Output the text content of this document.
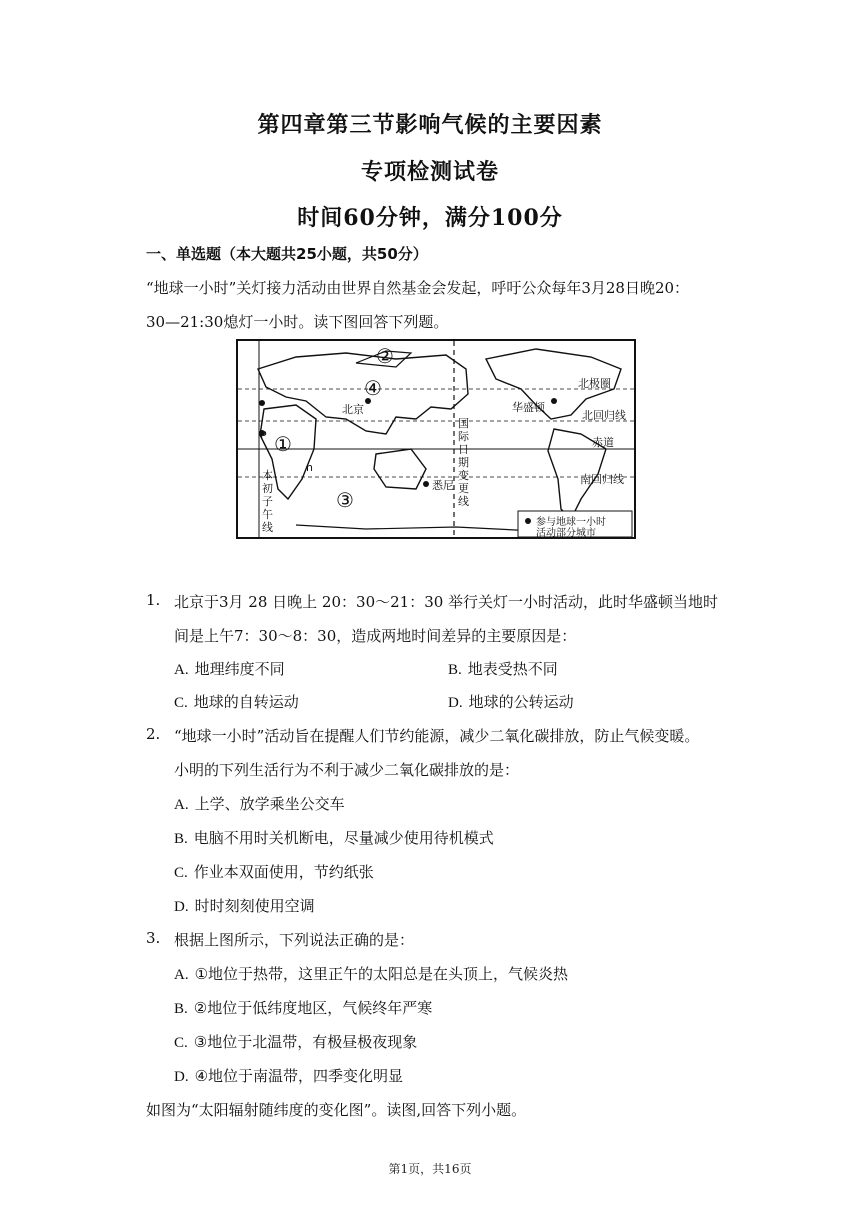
第四章第三节影响气候的主要因素
专项检测试卷
时间60分钟，满分100分
一、单选题（本大题共25小题，共50分）
“地球一小时”关灯接力活动由世界自然基金会发起，呼吁公众每年3月28日晚20：
30—21:30熄灯一小时。读下图回答下列题。
①
②
③
④
北京	华盛顿
北极圈
北回归线
赤道
南回归线
悉尼
P
n
国
际
日
期
变
更
线
本
初
子
午
线	参与地球一小时
活动部分城市
1. 北京于3月 28 日晚上 20：30～21：30 举行关灯一小时活动，此时华盛顿当地时
间是上午7：30～8：30，造成两地时间差异的主要原因是：
A. 地理纬度不同	B. 地表受热不同
C. 地球的自转运动	D. 地球的公转运动
2. “地球一小时”活动旨在提醒人们节约能源，减少二氧化碳排放，防止气候变暖。
小明的下列生活行为不利于减少二氧化碳排放的是：
A. 上学、放学乘坐公交车
B. 电脑不用时关机断电，尽量减少使用待机模式
C. 作业本双面使用，节约纸张
D. 时时刻刻使用空调
3. 根据上图所示，下列说法正确的是：
A. ①地位于热带，这里正午的太阳总是在头顶上，气候炎热
B. ②地位于低纬度地区，气候终年严寒
C. ③地位于北温带，有极昼极夜现象
D. ④地位于南温带，四季变化明显
如图为“太阳辐射随纬度的变化图”。读图,回答下列小题。
第1页，共16页
